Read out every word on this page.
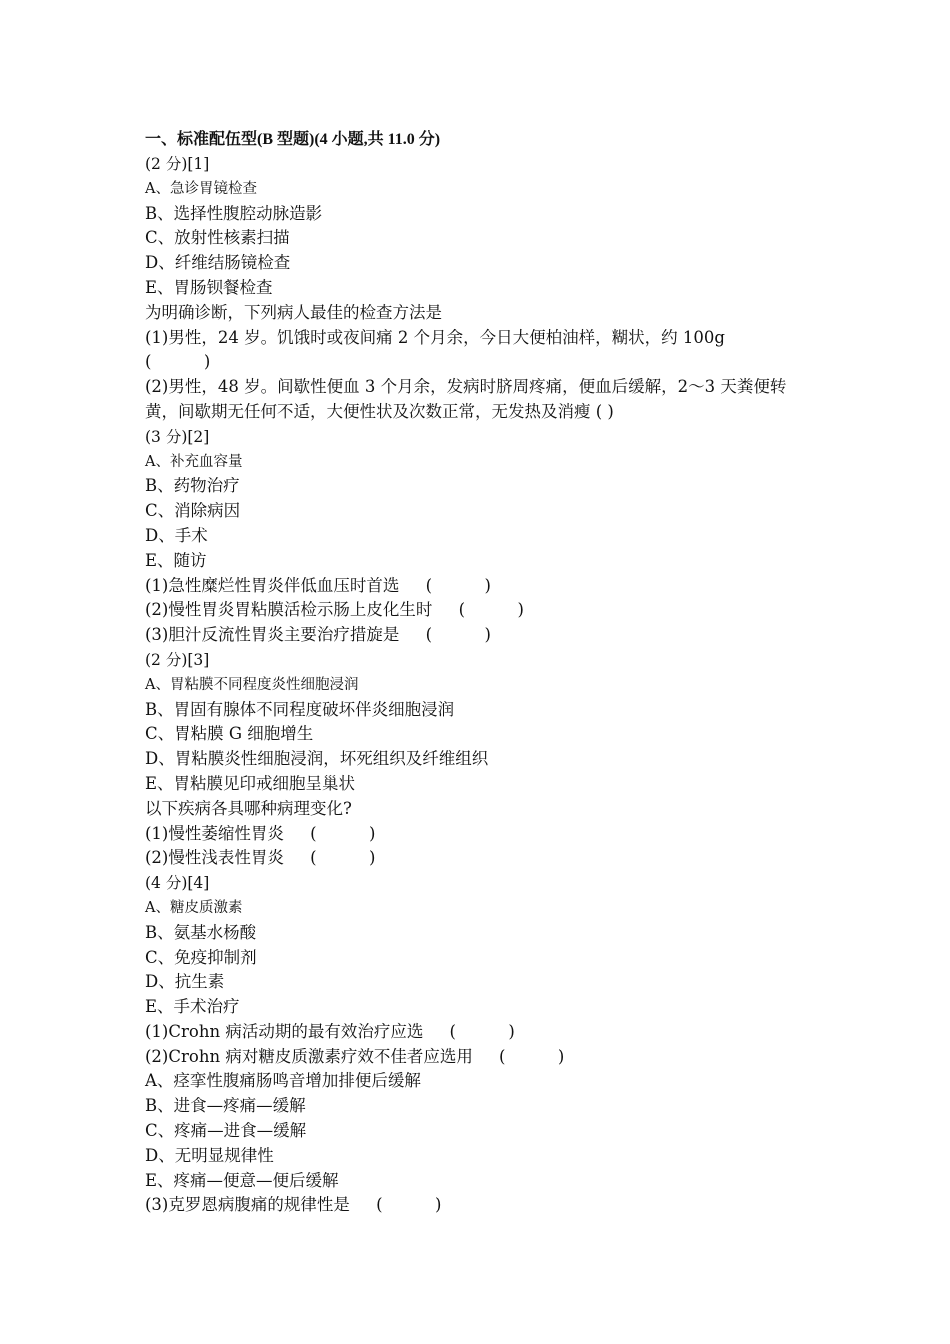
一、标准配伍型(B 型题)(4 小题,共 11.0 分)
(2 分)[1]
A、急诊胃镜检查
B、选择性腹腔动脉造影
C、放射性核素扫描
D、纤维结肠镜检查
E、胃肠钡餐检查
为明确诊断，下列病人最佳的检查方法是
(1)男性，24 岁。饥饿时或夜间痛 2 个月余，今日大便柏油样，糊状，约 100g
(          )
(2)男性，48 岁。间歇性便血 3 个月余，发病时脐周疼痛，便血后缓解，2～3 天粪便转黄，间歇期无任何不适，大便性状及次数正常，无发热及消瘦 ( )
(3 分)[2]
A、补充血容量
B、药物治疗
C、消除病因
D、手术
E、随访
(1)急性糜烂性胃炎伴低血压时首选     (          )
(2)慢性胃炎胃粘膜活检示肠上皮化生时     (          )
(3)胆汁反流性胃炎主要治疗措旋是     (          )
(2 分)[3]
A、胃粘膜不同程度炎性细胞浸润
B、胃固有腺体不同程度破坏伴炎细胞浸润
C、胃粘膜 G 细胞增生
D、胃粘膜炎性细胞浸润，坏死组织及纤维组织
E、胃粘膜见印戒细胞呈巢状
以下疾病各具哪种病理变化?
(1)慢性萎缩性胃炎     (          )
(2)慢性浅表性胃炎     (          )
(4 分)[4]
A、糖皮质激素
B、氨基水杨酸
C、免疫抑制剂
D、抗生素
E、手术治疗
(1)Crohn 病活动期的最有效治疗应选     (          )
(2)Crohn 病对糖皮质激素疗效不佳者应选用     (          )
A、痉挛性腹痛肠鸣音增加排便后缓解
B、进食—疼痛—缓解
C、疼痛—进食—缓解
D、无明显规律性
E、疼痛—便意—便后缓解
(3)克罗恩病腹痛的规律性是     (          )
